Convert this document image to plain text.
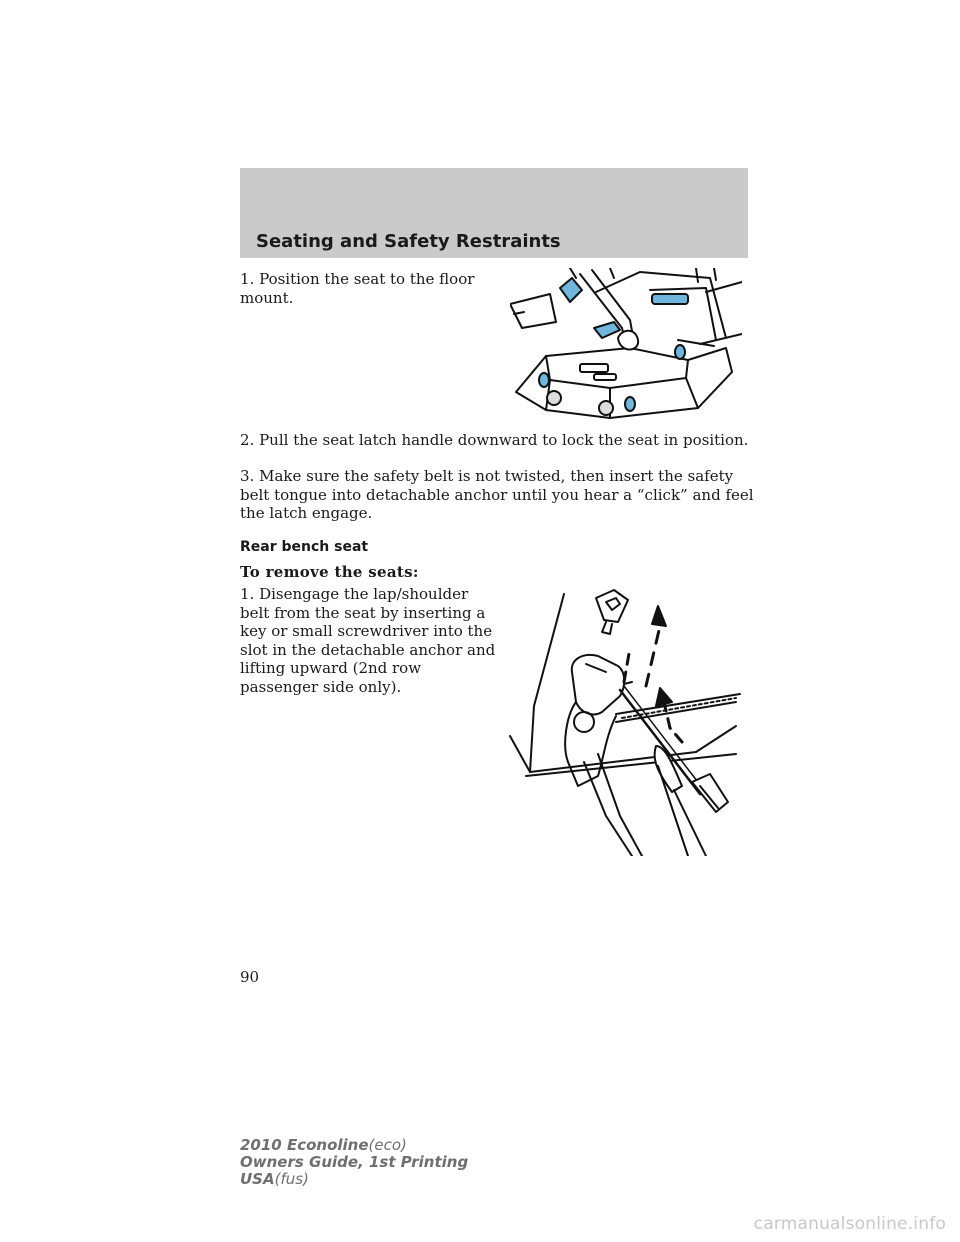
Seating and Safety Restraints

1. Position the seat to the floor mount.

2. Pull the seat latch handle downward to lock the seat in position.

3. Make sure the safety belt is not twisted, then insert the safety belt tongue into detachable anchor until you hear a “click” and feel the latch engage.

Rear bench seat

To remove the seats:

1. Disengage the lap/shoulder belt from the seat by inserting a key or small screwdriver into the slot in the detachable anchor and lifting upward (2nd row passenger side only).

90
2010 Econoline(eco)
Owners Guide, 1st Printing
USA(fus)
carmanualsonline.info
